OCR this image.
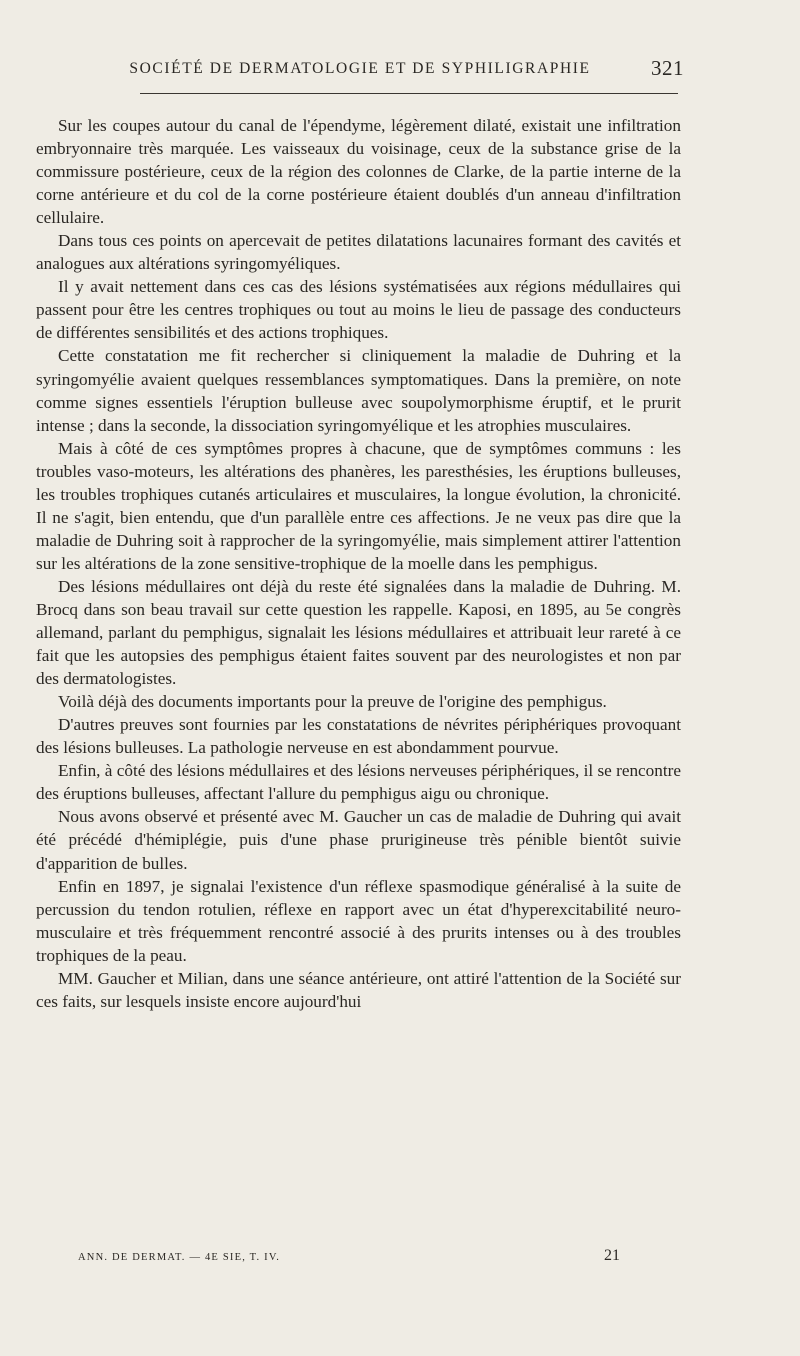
SOCIÉTÉ DE DERMATOLOGIE ET DE SYPHILIGRAPHIE	321

Sur les coupes autour du canal de l'épendyme, légèrement dilaté, existait une infiltration embryonnaire très marquée. Les vaisseaux du voisinage, ceux de la substance grise de la commissure postérieure, ceux de la région des colonnes de Clarke, de la partie interne de la corne antérieure et du col de la corne postérieure étaient doublés d'un anneau d'infiltration cellulaire.

Dans tous ces points on apercevait de petites dilatations lacunaires formant des cavités et analogues aux altérations syringomyéliques.

Il y avait nettement dans ces cas des lésions systématisées aux régions médullaires qui passent pour être les centres trophiques ou tout au moins le lieu de passage des conducteurs de différentes sensibilités et des actions trophiques.

Cette constatation me fit rechercher si cliniquement la maladie de Duhring et la syringomyélie avaient quelques ressemblances symptomatiques. Dans la première, on note comme signes essentiels l'éruption bulleuse avec soupolymorphisme éruptif, et le prurit intense ; dans la seconde, la dissociation syringomyélique et les atrophies musculaires.

Mais à côté de ces symptômes propres à chacune, que de symptômes communs : les troubles vaso-moteurs, les altérations des phanères, les paresthésies, les éruptions bulleuses, les troubles trophiques cutanés articulaires et musculaires, la longue évolution, la chronicité. Il ne s'agit, bien entendu, que d'un parallèle entre ces affections. Je ne veux pas dire que la maladie de Duhring soit à rapprocher de la syringomyélie, mais simplement attirer l'attention sur les altérations de la zone sensitive-trophique de la moelle dans les pemphigus.

Des lésions médullaires ont déjà du reste été signalées dans la maladie de Duhring. M. Brocq dans son beau travail sur cette question les rappelle. Kaposi, en 1895, au 5e congrès allemand, parlant du pemphigus, signalait les lésions médullaires et attribuait leur rareté à ce fait que les autopsies des pemphigus étaient faites souvent par des neurologistes et non par des dermatologistes.

Voilà déjà des documents importants pour la preuve de l'origine des pemphigus.

D'autres preuves sont fournies par les constatations de névrites périphériques provoquant des lésions bulleuses. La pathologie nerveuse en est abondamment pourvue.

Enfin, à côté des lésions médullaires et des lésions nerveuses périphériques, il se rencontre des éruptions bulleuses, affectant l'allure du pemphigus aigu ou chronique.

Nous avons observé et présenté avec M. Gaucher un cas de maladie de Duhring qui avait été précédé d'hémiplégie, puis d'une phase prurigineuse très pénible bientôt suivie d'apparition de bulles.

Enfin en 1897, je signalai l'existence d'un réflexe spasmodique généralisé à la suite de percussion du tendon rotulien, réflexe en rapport avec un état d'hyperexcitabilité neuro-musculaire et très fréquemment rencontré associé à des prurits intenses ou à des troubles trophiques de la peau.

MM. Gaucher et Milian, dans une séance antérieure, ont attiré l'attention de la Société sur ces faits, sur lesquels insiste encore aujourd'hui

ANN. DE DERMAT. — 4E SIE, T. IV.	21
